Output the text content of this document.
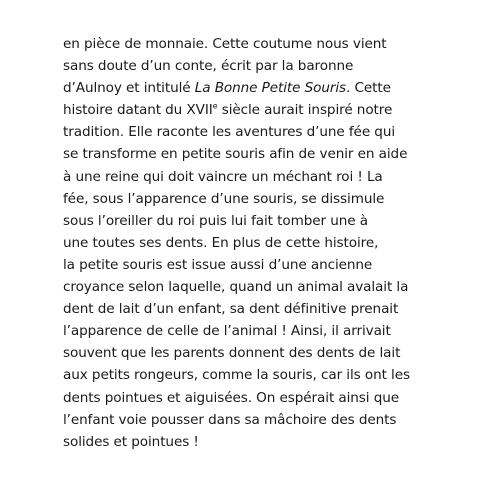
en pièce de monnaie. Cette coutume nous vient
sans doute d’un conte, écrit par la baronne
d’Aulnoy et intitulé La Bonne Petite Souris. Cette
histoire datant du XVIIe siècle aurait inspiré notre
tradition. Elle raconte les aventures d’une fée qui
se transforme en petite souris afin de venir en aide
à une reine qui doit vaincre un méchant roi ! La
fée, sous l’apparence d’une souris, se dissimule
sous l’oreiller du roi puis lui fait tomber une à
une toutes ses dents. En plus de cette histoire,
la petite souris est issue aussi d’une ancienne
croyance selon laquelle, quand un animal avalait la
dent de lait d’un enfant, sa dent définitive prenait
l’apparence de celle de l’animal ! Ainsi, il arrivait
souvent que les parents donnent des dents de lait
aux petits rongeurs, comme la souris, car ils ont les
dents pointues et aiguisées. On espérait ainsi que
l’enfant voie pousser dans sa mâchoire des dents
solides et pointues !
